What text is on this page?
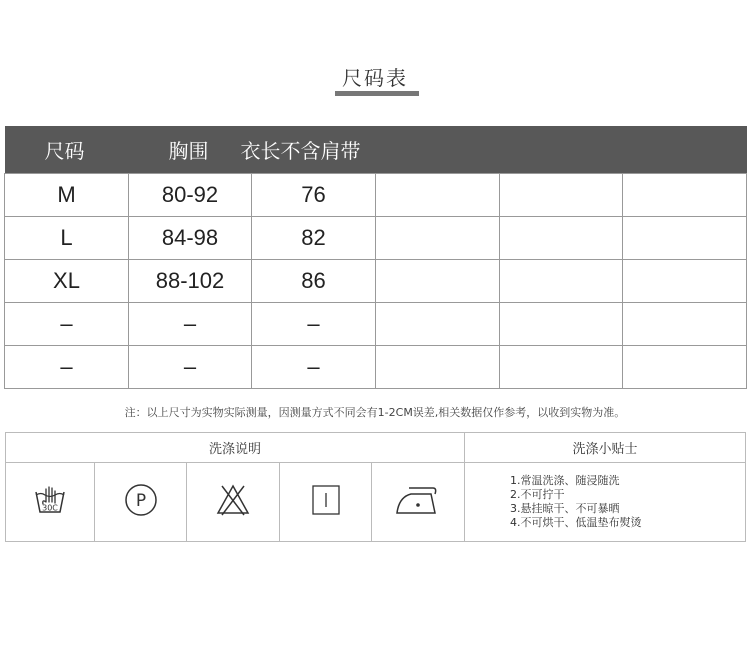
尺码表
尺码	胸围	衣长不含肩带			
M	80-92	76			
L	84-98	82			
XL	88-102	86			
–	–	–			
–	–	–			
注：以上尺寸为实物实际测量，因测量方式不同会有1-2CM误差,相关数据仅作参考，以收到实物为准。
洗涤说明					洗涤小贴士

30C	P				1.常温洗涤、随浸随洗
2.不可拧干
3.悬挂晾干、不可暴晒
4.不可烘干、低温垫布熨烫
